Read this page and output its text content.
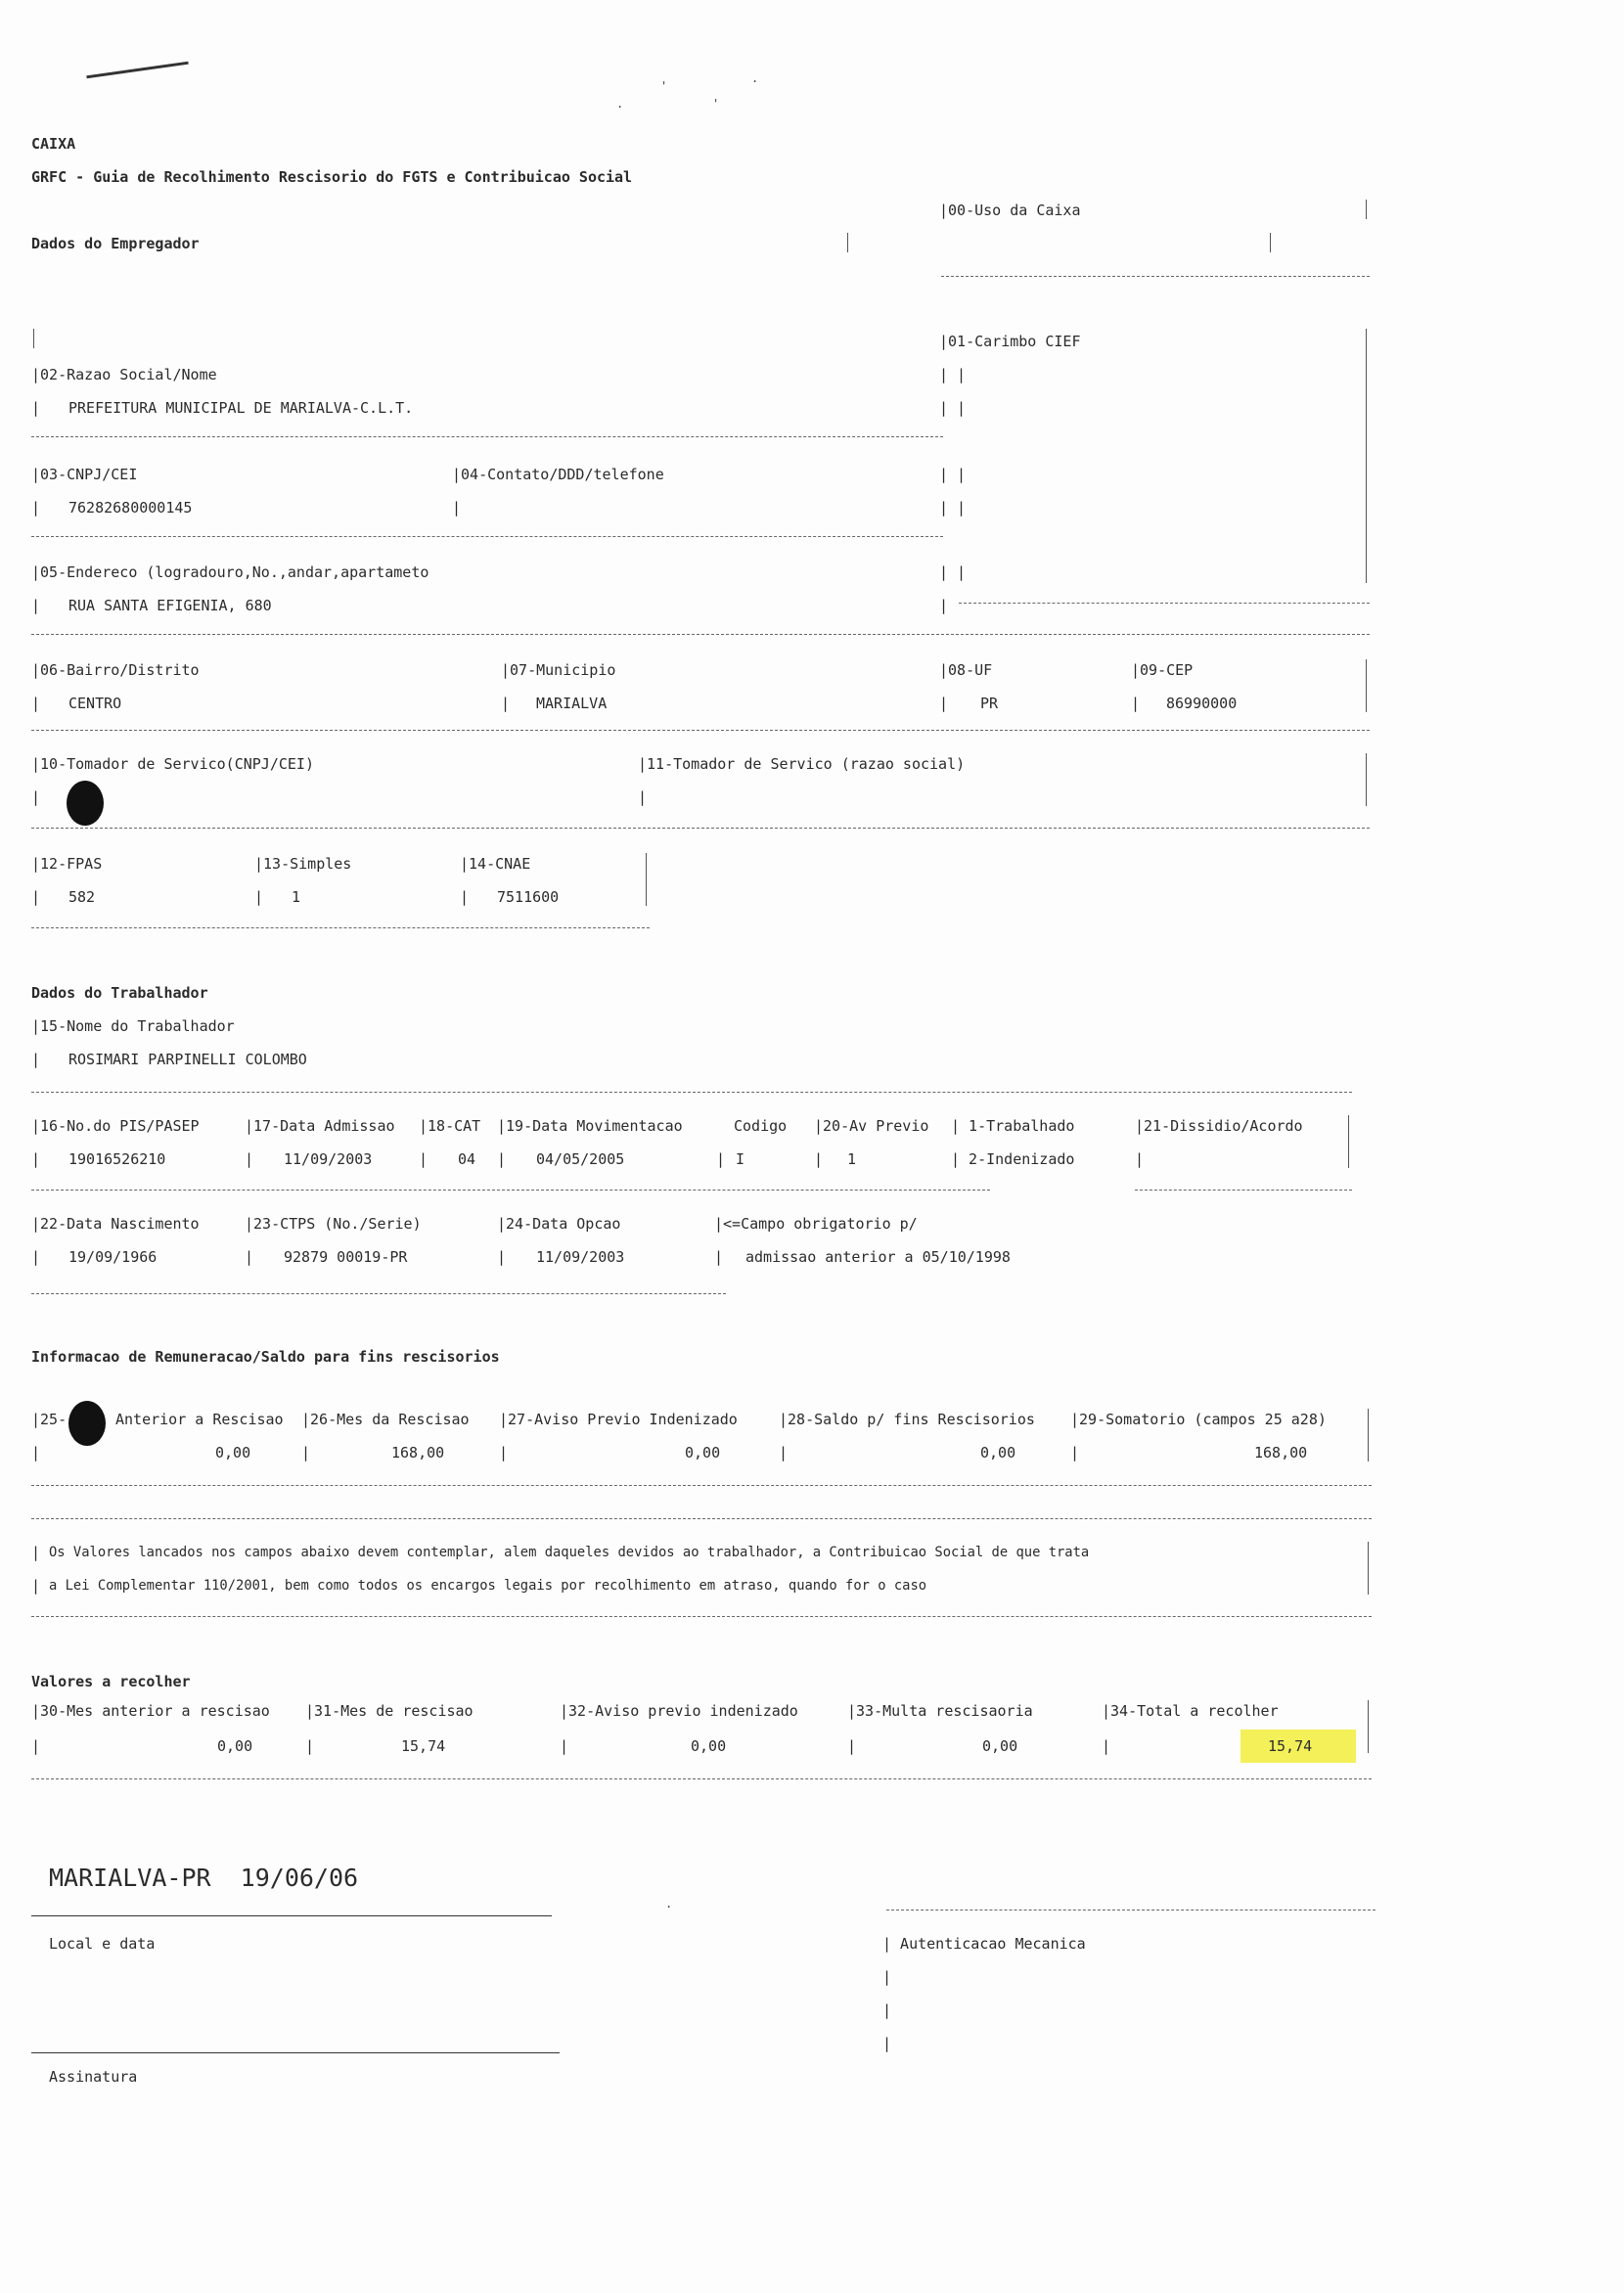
.
'
.
'
CAIXA
GRFC - Guia de Recolhimento Rescisorio do FGTS e Contribuicao Social
|00-Uso da Caixa
Dados do Empregador
|01-Carimbo CIEF
| |
| |
|02-Razao Social/Nome
| PREFEITURA MUNICIPAL DE MARIALVA-C.L.T.
|03-CNPJ/CEI	|04-Contato/DDD/telefone
| 76282680000145	|
| |
| |
|05-Endereco (logradouro,No.,andar,apartameto
| RUA SANTA EFIGENIA, 680
| |
|
|06-Bairro/Distrito	|07-Municipio	|08-UF	|09-CEP
| CENTRO	| MARIALVA	| PR	| 86990000
|10-Tomador de Servico(CNPJ/CEI)	|11-Tomador de Servico (razao social)
|	|
|12-FPAS	|13-Simples	|14-CNAE
| 582	| 1	| 7511600
Dados do Trabalhador
|15-Nome do Trabalhador
| ROSIMARI PARPINELLI COLOMBO
|16-No.do PIS/PASEP	|17-Data Admissao |18-CAT |19-Data Movimentacao	Codigo |20-Av Previo | 1-Trabalhado	|21-Dissidio/Acordo
| 19016526210	| 11/09/2003	| 04 | 04/05/2005	| I	| 1	| 2-Indenizado	|
|22-Data Nascimento	|23-CTPS (No./Serie)	|24-Data Opcao	|<=Campo obrigatorio p/
| 19/09/1966	| 92879 00019-PR	| 11/09/2003	| admissao anterior a 05/10/1998
Informacao de Remuneracao/Saldo para fins rescisorios
|25-	Anterior a Rescisao |26-Mes da Rescisao |27-Aviso Previo Indenizado	|28-Saldo p/ fins Rescisorios |29-Somatorio (campos 25 a28)
|	0,00	|	168,00	|	0,00	|	0,00	|	168,00
| Os Valores lancados nos campos abaixo devem contemplar, alem daqueles devidos ao trabalhador, a Contribuicao Social de que trata
| a Lei Complementar 110/2001, bem como todos os encargos legais por recolhimento em atraso, quando for o caso
Valores a recolher
|30-Mes anterior a rescisao |31-Mes de rescisao	|32-Aviso previo indenizado	|33-Multa rescisaoria	|34-Total a recolher
|	0,00	|	15,74	|	0,00	|	0,00	|	15,74
MARIALVA-PR  19/06/06
Local e data
Assinatura
.
| Autenticacao Mecanica
|
|
|
